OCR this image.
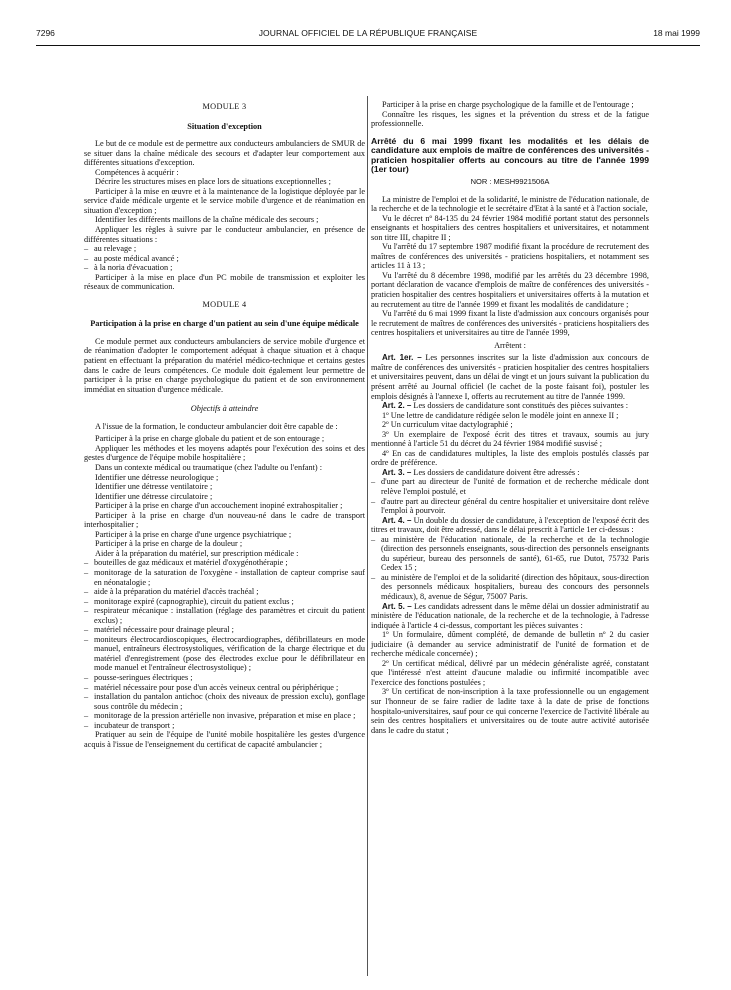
7296	JOURNAL OFFICIEL DE LA RÉPUBLIQUE FRANÇAISE	18 mai 1999

MODULE 3

Situation d'exception

Le but de ce module est de permettre aux conducteurs ambulanciers de SMUR de se situer dans la chaîne médicale des secours et d'adapter leur comportement aux différentes situations d'exception.

Compétences à acquérir :

Décrire les structures mises en place lors de situations exceptionnelles ;

Participer à la mise en œuvre et à la maintenance de la logistique déployée par le service d'aide médicale urgente et le service mobile d'urgence et de réanimation en situation d'exception ;

Identifier les différents maillons de la chaîne médicale des secours ;

Appliquer les règles à suivre par le conducteur ambulancier, en présence de différentes situations :

– au relevage ;

– au poste médical avancé ;

– à la noria d'évacuation ;

Participer à la mise en place d'un PC mobile de transmission et exploiter les réseaux de communication.

MODULE 4

Participation à la prise en charge d'un patient au sein d'une équipe médicale

Ce module permet aux conducteurs ambulanciers de service mobile d'urgence et de réanimation d'adopter le comportement adéquat à chaque situation et à chaque patient en effectuant la préparation du matériel médico-technique et certains gestes dans le cadre de leurs compétences. Ce module doit également leur permettre de participer à la prise en charge psychologique du patient et de son environnement immédiat en situation d'urgence médicale.

Objectifs à atteindre

A l'issue de la formation, le conducteur ambulancier doit être capable de :

Participer à la prise en charge globale du patient et de son entourage ;

Appliquer les méthodes et les moyens adaptés pour l'exécution des soins et des gestes d'urgence de l'équipe mobile hospitalière ;

Dans un contexte médical ou traumatique (chez l'adulte ou l'enfant) :

Identifier une détresse neurologique ;

Identifier une détresse ventilatoire ;

Identifier une détresse circulatoire ;

Participer à la prise en charge d'un accouchement inopiné extrahospitalier ;

Participer à la prise en charge d'un nouveau-né dans le cadre de transport interhospitalier ;

Participer à la prise en charge d'une urgence psychiatrique ;

Participer à la prise en charge de la douleur ;

Aider à la préparation du matériel, sur prescription médicale :

– bouteilles de gaz médicaux et matériel d'oxygénothérapie ;

– monitorage de la saturation de l'oxygène - installation de capteur comprise sauf en néonatalogie ;

– aide à la préparation du matériel d'accès trachéal ;

– monitorage expiré (capnographie), circuit du patient exclus ;

– respirateur mécanique : installation (réglage des paramètres et circuit du patient exclus) ;

– matériel nécessaire pour drainage pleural ;

– moniteurs électrocardioscopiques, électrocardiographes, défibrillateurs en mode manuel, entraîneurs électrosystoliques, vérification de la charge électrique et du matériel d'enregistrement (pose des électrodes exclue pour le défibrillateur en mode manuel et l'entraîneur électrosystolique) ;

– pousse-seringues électriques ;

– matériel nécessaire pour pose d'un accès veineux central ou périphérique ;

– installation du pantalon antichoc (choix des niveaux de pression exclu), gonflage sous contrôle du médecin ;

– monitorage de la pression artérielle non invasive, préparation et mise en place ;

– incubateur de transport ;

Pratiquer au sein de l'équipe de l'unité mobile hospitalière les gestes d'urgence acquis à l'issue de l'enseignement du certificat de capacité ambulancier ;

Participer à la prise en charge psychologique de la famille et de l'entourage ;

Connaître les risques, les signes et la prévention du stress et de la fatigue professionnelle.

Arrêté du 6 mai 1999 fixant les modalités et les délais de candidature aux emplois de maître de conférences des universités - praticien hospitalier offerts au concours au titre de l'année 1999 (1er tour)

NOR : MESH9921506A

La ministre de l'emploi et de la solidarité, le ministre de l'éducation nationale, de la recherche et de la technologie et le secrétaire d'Etat à la santé et à l'action sociale,

Vu le décret nº 84-135 du 24 février 1984 modifié portant statut des personnels enseignants et hospitaliers des centres hospitaliers et universitaires, et notamment son titre III, chapitre II ;

Vu l'arrêté du 17 septembre 1987 modifié fixant la procédure de recrutement des maîtres de conférences des universités - praticiens hospitaliers, et notamment ses articles 11 à 13 ;

Vu l'arrêté du 8 décembre 1998, modifié par les arrêtés du 23 décembre 1998, portant déclaration de vacance d'emplois de maître de conférences des universités - praticien hospitalier des centres hospitaliers et universitaires offerts à la mutation et au recrutement au titre de l'année 1999 et fixant les modalités de candidature ;

Vu l'arrêté du 6 mai 1999 fixant la liste d'admission aux concours organisés pour le recrutement de maîtres de conférences des universités - praticiens hospitaliers des centres hospitaliers et universitaires au titre de l'année 1999,

Arrêtent :

Art. 1er. – Les personnes inscrites sur la liste d'admission aux concours de maître de conférences des universités - praticien hospitalier des centres hospitaliers et universitaires peuvent, dans un délai de vingt et un jours suivant la publication du présent arrêté au Journal officiel (le cachet de la poste faisant foi), postuler les emplois désignés à l'annexe I, offerts au recrutement au titre de l'année 1999.

Art. 2. – Les dossiers de candidature sont constitués des pièces suivantes :

1º Une lettre de candidature rédigée selon le modèle joint en annexe II ;

2º Un curriculum vitae dactylographié ;

3º Un exemplaire de l'exposé écrit des titres et travaux, soumis au jury mentionné à l'article 51 du décret du 24 février 1984 modifié susvisé ;

4º En cas de candidatures multiples, la liste des emplois postulés classés par ordre de préférence.

Art. 3. – Les dossiers de candidature doivent être adressés :

– d'une part au directeur de l'unité de formation et de recherche médicale dont relève l'emploi postulé, et

– d'autre part au directeur général du centre hospitalier et universitaire dont relève l'emploi à pourvoir.

Art. 4. – Un double du dossier de candidature, à l'exception de l'exposé écrit des titres et travaux, doit être adressé, dans le délai prescrit à l'article 1er ci-dessus :

– au ministère de l'éducation nationale, de la recherche et de la technologie (direction des personnels enseignants, sous-direction des personnels enseignants du supérieur, bureau des personnels de santé), 61-65, rue Dutot, 75732 Paris Cedex 15 ;

– au ministère de l'emploi et de la solidarité (direction des hôpitaux, sous-direction des personnels médicaux hospitaliers, bureau des concours des personnels médicaux), 8, avenue de Ségur, 75007 Paris.

Art. 5. – Les candidats adressent dans le même délai un dossier administratif au ministère de l'éducation nationale, de la recherche et de la technologie, à l'adresse indiquée à l'article 4 ci-dessus, comportant les pièces suivantes :

1º Un formulaire, dûment complété, de demande de bulletin nº 2 du casier judiciaire (à demander au service administratif de l'unité de formation et de recherche médicale concernée) ;

2º Un certificat médical, délivré par un médecin généraliste agréé, constatant que l'intéressé n'est atteint d'aucune maladie ou infirmité incompatible avec l'exercice des fonctions postulées ;

3º Un certificat de non-inscription à la taxe professionnelle ou un engagement sur l'honneur de se faire radier de ladite taxe à la date de prise de fonctions hospitalo-universitaires, sauf pour ce qui concerne l'exercice de l'activité libérale au sein des centres hospitaliers et universitaires ou de toute autre activité autorisée dans le cadre du statut ;
